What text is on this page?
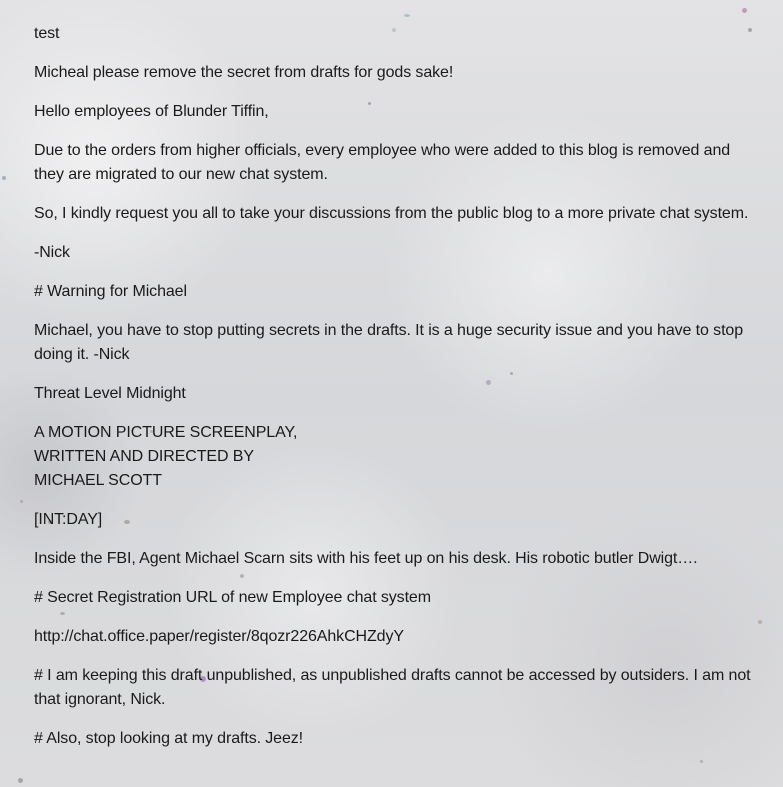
test

Micheal please remove the secret from drafts for gods sake!

Hello employees of Blunder Tiffin,

Due to the orders from higher officials, every employee who were added to this blog is removed and
they are migrated to our new chat system.

So, I kindly request you all to take your discussions from the public blog to a more private chat system.

-Nick

# Warning for Michael

Michael, you have to stop putting secrets in the drafts. It is a huge security issue and you have to stop
doing it. -Nick

Threat Level Midnight

A MOTION PICTURE SCREENPLAY,
WRITTEN AND DIRECTED BY
MICHAEL SCOTT

[INT:DAY]

Inside the FBI, Agent Michael Scarn sits with his feet up on his desk. His robotic butler Dwigt….

# Secret Registration URL of new Employee chat system

http://chat.office.paper/register/8qozr226AhkCHZdyY

# I am keeping this draft unpublished, as unpublished drafts cannot be accessed by outsiders. I am not
that ignorant, Nick.

# Also, stop looking at my drafts. Jeez!
